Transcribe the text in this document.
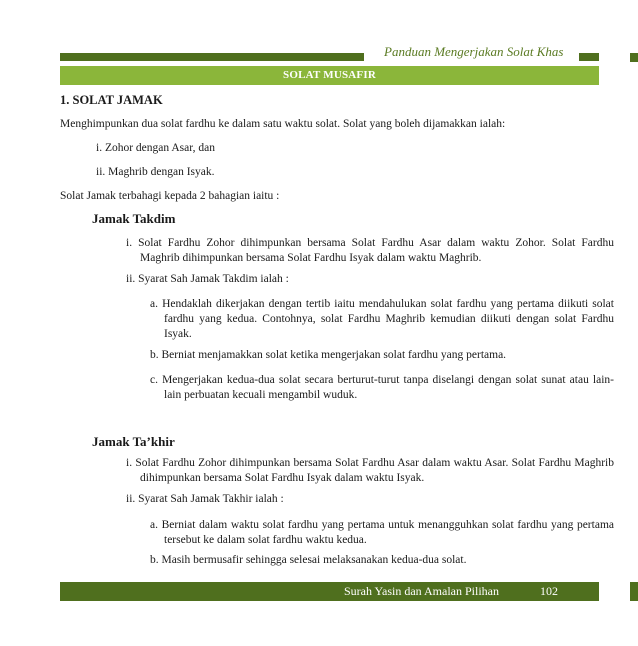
Panduan Mengerjakan Solat Khas
SOLAT MUSAFIR
1. SOLAT JAMAK
Menghimpunkan dua solat fardhu ke dalam satu waktu solat. Solat yang boleh dijamakkan ialah:
i. Zohor dengan Asar, dan
ii. Maghrib dengan Isyak.
Solat Jamak terbahagi kepada 2 bahagian iaitu :
Jamak Takdim
i. Solat Fardhu Zohor dihimpunkan bersama Solat Fardhu Asar dalam waktu Zohor. Solat Fardhu Maghrib dihimpunkan bersama Solat Fardhu Isyak dalam waktu Maghrib.
ii. Syarat Sah Jamak Takdim ialah :
a. Hendaklah dikerjakan dengan tertib iaitu mendahulukan solat fardhu yang pertama diikuti solat fardhu yang kedua. Contohnya, solat Fardhu Maghrib kemudian diikuti dengan solat Fardhu Isyak.
b. Berniat menjamakkan solat ketika mengerjakan solat fardhu yang pertama.
c. Mengerjakan kedua-dua solat secara berturut-turut tanpa diselangi dengan solat sunat atau lain-lain perbuatan kecuali mengambil wuduk.
Jamak Ta’khir
i. Solat Fardhu Zohor dihimpunkan bersama Solat Fardhu Asar dalam waktu Asar. Solat Fardhu Maghrib dihimpunkan bersama Solat Fardhu Isyak dalam waktu Isyak.
ii. Syarat Sah Jamak Takhir ialah :
a. Berniat dalam waktu solat fardhu yang pertama untuk menangguhkan solat fardhu yang pertama tersebut ke dalam solat fardhu waktu kedua.
b. Masih bermusafir sehingga selesai melaksanakan kedua-dua solat.
Surah Yasin dan Amalan Pilihan	102
